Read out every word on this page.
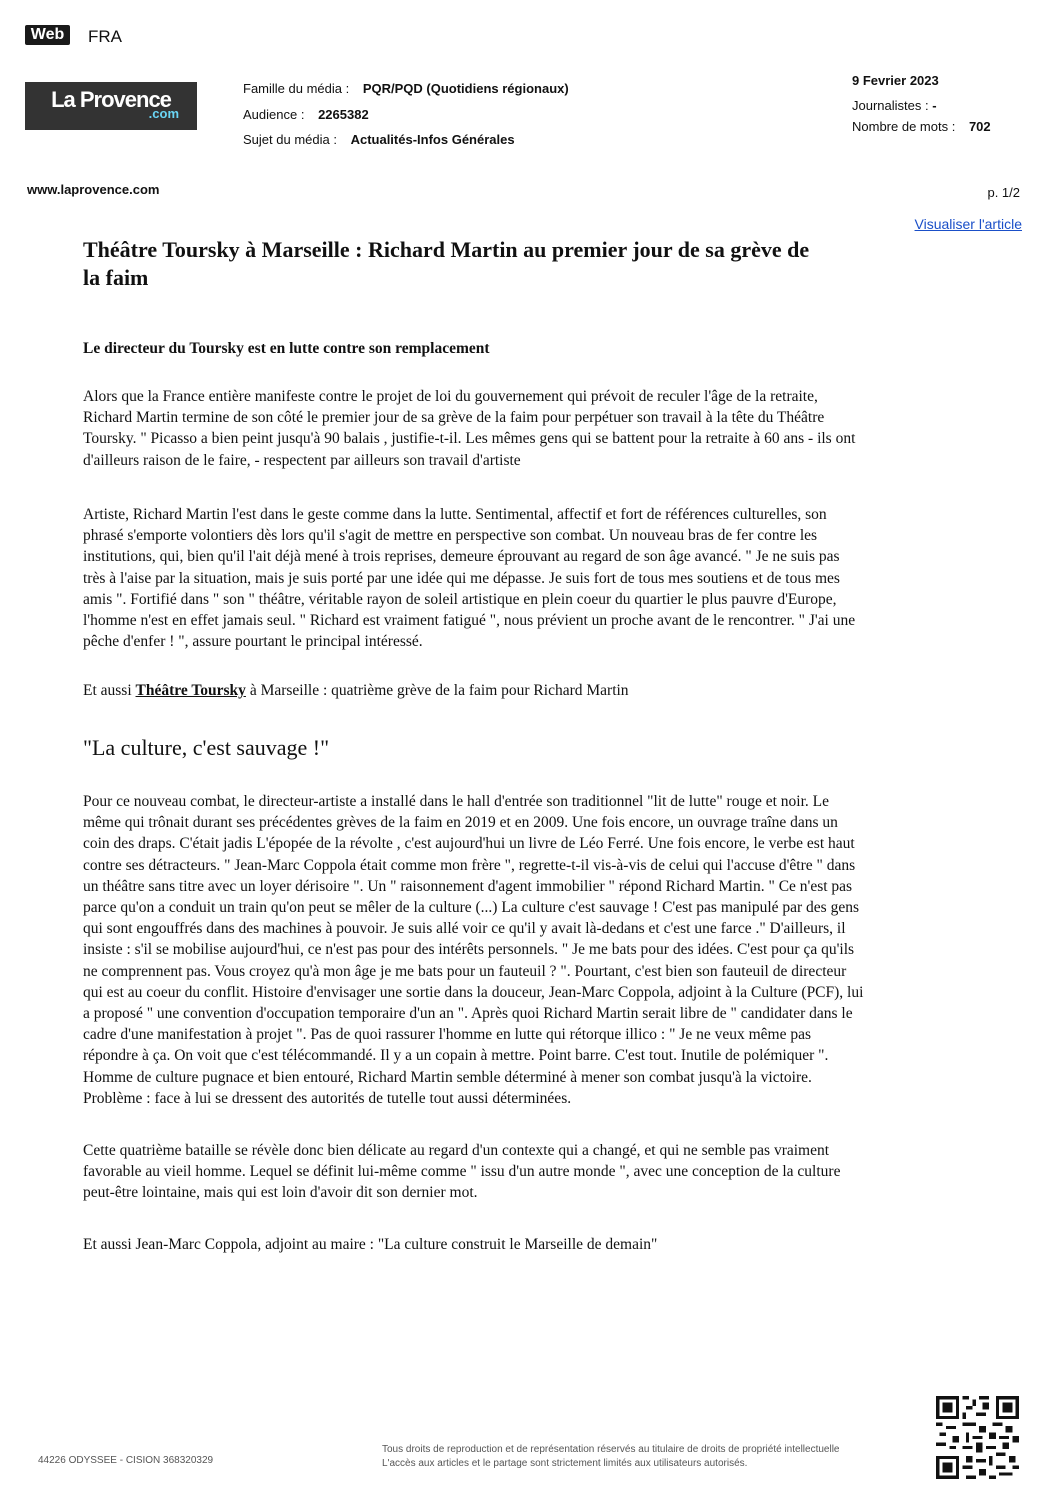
Web	FRA
La Provence
.com
Famille du média : PQR/PQD (Quotidiens régionaux)
Audience : 2265382
Sujet du média : Actualités-Infos Générales
9 Fevrier 2023
Journalistes : -
Nombre de mots : 702
www.laprovence.com	p. 1/2
Visualiser l'article
Théâtre Toursky à Marseille : Richard Martin au premier jour de sa grève de
la faim
Le directeur du Toursky est en lutte contre son remplacement
Alors que la France entière manifeste contre le projet de loi du gouvernement qui prévoit de reculer l'âge de la retraite,
Richard Martin termine de son côté le premier jour de sa grève de la faim pour perpétuer son travail à la tête du Théâtre
Toursky. " Picasso a bien peint jusqu'à 90 balais , justifie-t-il. Les mêmes gens qui se battent pour la retraite à 60 ans - ils ont
d'ailleurs raison de le faire, - respectent par ailleurs son travail d'artiste
Artiste, Richard Martin l'est dans le geste comme dans la lutte. Sentimental, affectif et fort de références culturelles, son
phrasé s'emporte volontiers dès lors qu'il s'agit de mettre en perspective son combat. Un nouveau bras de fer contre les
institutions, qui, bien qu'il l'ait déjà mené à trois reprises, demeure éprouvant au regard de son âge avancé. " Je ne suis pas
très à l'aise par la situation, mais je suis porté par une idée qui me dépasse. Je suis fort de tous mes soutiens et de tous mes
amis ". Fortifié dans " son " théâtre, véritable rayon de soleil artistique en plein coeur du quartier le plus pauvre d'Europe,
l'homme n'est en effet jamais seul. " Richard est vraiment fatigué ", nous prévient un proche avant de le rencontrer. " J'ai une
pêche d'enfer ! ", assure pourtant le principal intéressé.
Et aussi Théâtre Toursky à Marseille : quatrième grève de la faim pour Richard Martin
"La culture, c'est sauvage !"
Pour ce nouveau combat, le directeur-artiste a installé dans le hall d'entrée son traditionnel "lit de lutte" rouge et noir. Le
même qui trônait durant ses précédentes grèves de la faim en 2019 et en 2009. Une fois encore, un ouvrage traîne dans un
coin des draps. C'était jadis L'épopée de la révolte , c'est aujourd'hui un livre de Léo Ferré. Une fois encore, le verbe est haut
contre ses détracteurs. " Jean-Marc Coppola était comme mon frère ", regrette-t-il vis-à-vis de celui qui l'accuse d'être " dans
un théâtre sans titre avec un loyer dérisoire ". Un " raisonnement d'agent immobilier " répond Richard Martin. " Ce n'est pas
parce qu'on a conduit un train qu'on peut se mêler de la culture (...) La culture c'est sauvage ! C'est pas manipulé par des gens
qui sont engouffrés dans des machines à pouvoir. Je suis allé voir ce qu'il y avait là-dedans et c'est une farce ." D'ailleurs, il
insiste : s'il se mobilise aujourd'hui, ce n'est pas pour des intérêts personnels. " Je me bats pour des idées. C'est pour ça qu'ils
ne comprennent pas. Vous croyez qu'à mon âge je me bats pour un fauteuil ? ". Pourtant, c'est bien son fauteuil de directeur
qui est au coeur du conflit. Histoire d'envisager une sortie dans la douceur, Jean-Marc Coppola, adjoint à la Culture (PCF), lui
a proposé " une convention d'occupation temporaire d'un an ". Après quoi Richard Martin serait libre de " candidater dans le
cadre d'une manifestation à projet ". Pas de quoi rassurer l'homme en lutte qui rétorque illico : " Je ne veux même pas
répondre à ça. On voit que c'est télécommandé. Il y a un copain à mettre. Point barre. C'est tout. Inutile de polémiquer ".
Homme de culture pugnace et bien entouré, Richard Martin semble déterminé à mener son combat jusqu'à la victoire.
Problème : face à lui se dressent des autorités de tutelle tout aussi déterminées.
Cette quatrième bataille se révèle donc bien délicate au regard d'un contexte qui a changé, et qui ne semble pas vraiment
favorable au vieil homme. Lequel se définit lui-même comme " issu d'un autre monde ", avec une conception de la culture
peut-être lointaine, mais qui est loin d'avoir dit son dernier mot.
Et aussi Jean-Marc Coppola, adjoint au maire : "La culture construit le Marseille de demain"
44226 ODYSSEE - CISION 368320329
Tous droits de reproduction et de représentation réservés au titulaire de droits de propriété intellectuelle
L'accès aux articles et le partage sont strictement limités aux utilisateurs autorisés.
